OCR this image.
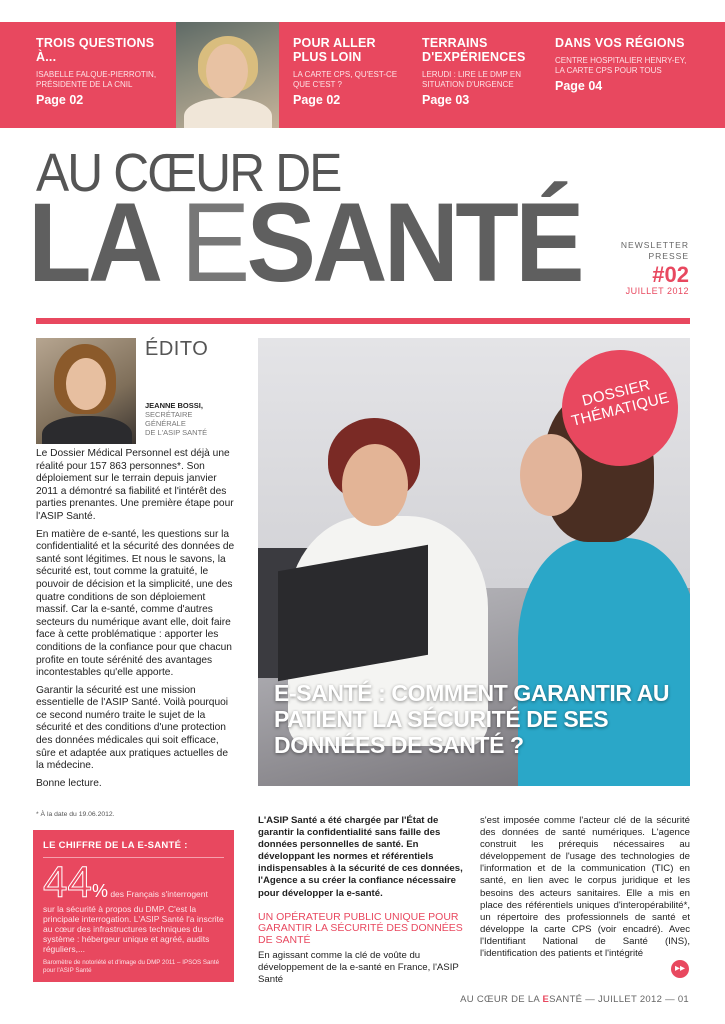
TROIS QUESTIONS À...
ISABELLE FALQUE-PIERROTIN, PRÉSIDENTE DE LA CNIL
Page 02
POUR ALLER PLUS LOIN
LA CARTE CPS, QU'EST-CE QUE C'EST ?
Page 02
TERRAINS D'EXPÉRIENCES
LERUDI : LIRE LE DMP EN SITUATION D'URGENCE
Page 03
DANS VOS RÉGIONS
CENTRE HOSPITALIER HENRY-EY, LA CARTE CPS POUR TOUS
Page 04
AU CŒUR DE
LA ESANTÉ	NEWSLETTER
PRESSE
#02
JUILLET 2012
ÉDITO
JEANNE BOSSI,
SECRÉTAIRE
GÉNÉRALE
DE L'ASIP SANTÉ

Le Dossier Médical Personnel est déjà une réalité pour 157 863 personnes*. Son déploiement sur le terrain depuis janvier 2011 a démontré sa fiabilité et l'intérêt des parties prenantes. Une première étape pour l'ASIP Santé.

En matière de e-santé, les questions sur la confidentialité et la sécurité des données de santé sont légitimes. Et nous le savons, la sécurité est, tout comme la gratuité, le pouvoir de décision et la simplicité, une des quatre conditions de son déploiement massif. Car la e-santé, comme d'autres secteurs du numérique avant elle, doit faire face à cette problématique : apporter les conditions de la confiance pour que chacun profite en toute sérénité des avantages incontestables qu'elle apporte.

Garantir la sécurité est une mission essentielle de l'ASIP Santé. Voilà pourquoi ce second numéro traite le sujet de la sécurité et des conditions d'une protection des données médicales qui soit efficace, sûre et adaptée aux pratiques actuelles de la médecine.

Bonne lecture.

* À la date du 19.06.2012.
LE CHIFFRE DE LA E-SANTÉ :
44% des Français s'interrogent
sur la sécurité à propos du DMP. C'est la principale interrogation. L'ASIP Santé l'a inscrite au cœur des infrastructures techniques du système : hébergeur unique et agréé, audits réguliers,...
Baromètre de notoriété et d'image du DMP 2011 – IPSOS Santé pour l'ASIP Santé
DOSSIER THÉMATIQUE
E-SANTÉ : COMMENT GARANTIR AU PATIENT LA SÉCURITÉ DE SES DONNÉES DE SANTÉ ?
L'ASIP Santé a été chargée par l'État de garantir la confidentialité sans faille des données personnelles de santé. En développant les normes et référentiels indispensables à la sécurité de ces données, l'Agence a su créer la confiance nécessaire pour développer la e-santé.
UN OPÉRATEUR PUBLIC UNIQUE POUR GARANTIR LA SÉCURITÉ DES DONNÉES DE SANTÉ
En agissant comme la clé de voûte du développement de la e-santé en France, l'ASIP Santé

s'est imposée comme l'acteur clé de la sécurité des données de santé numériques. L'agence construit les prérequis nécessaires au développement de l'usage des technologies de l'information et de la communication (TIC) en santé, en lien avec le corpus juridique et les besoins des acteurs sanitaires. Elle a mis en place des référentiels uniques d'interopérabilité*, un répertoire des professionnels de santé et développe la carte CPS (voir encadré). Avec l'Identifiant National de Santé (INS), l'identification des patients et l'intégrité

▸▸
AU CŒUR DE LA ESANTÉ — JUILLET 2012 — 01
